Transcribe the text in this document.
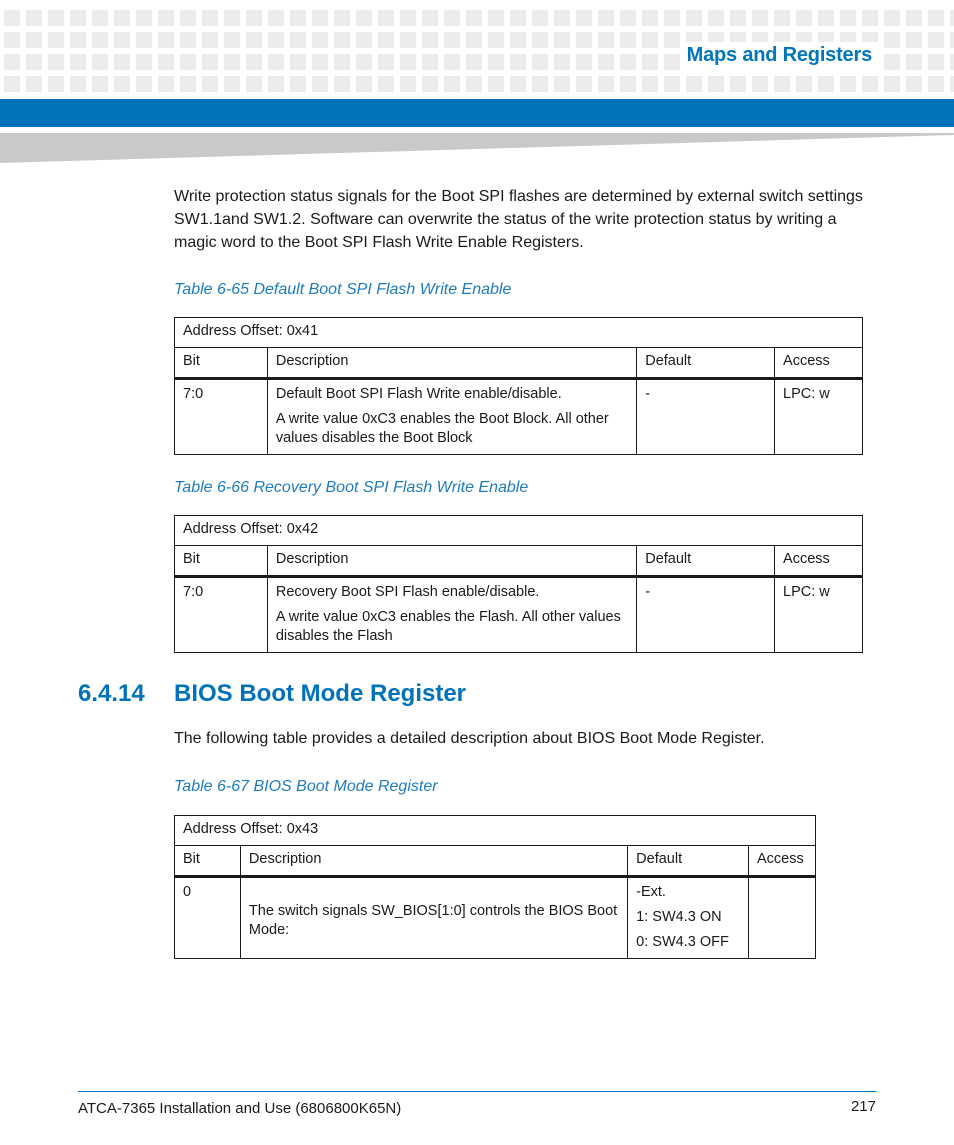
Maps and Registers
Write protection status signals for the Boot SPI flashes are determined by external switch settings SW1.1and SW1.2. Software can overwrite the status of the write protection status by writing a magic word to the Boot SPI Flash Write Enable Registers.
Table 6-65 Default Boot SPI Flash Write Enable
Address Offset: 0x41			
Bit	Description	Default	Access
7:0	Default Boot SPI Flash Write enable/disable.

A write value 0xC3 enables the Boot Block. All other values disables the Boot Block	-	LPC: w
Table 6-66 Recovery Boot SPI Flash Write Enable
Address Offset: 0x42			
Bit	Description	Default	Access
7:0	Recovery Boot SPI Flash enable/disable.

A write value 0xC3 enables the Flash. All other values disables the Flash	-	LPC: w
6.4.14 BIOS Boot Mode Register
The following table provides a detailed description about BIOS Boot Mode Register.
Table 6-67 BIOS Boot Mode Register
Address Offset: 0x43			
Bit	Description	Default	Access
0	The switch signals SW_BIOS[1:0] controls the BIOS Boot Mode:	-Ext.

1: SW4.3 ON

0: SW4.3 OFF	

ATCA-7365 Installation and Use (6806800K65N)	217
